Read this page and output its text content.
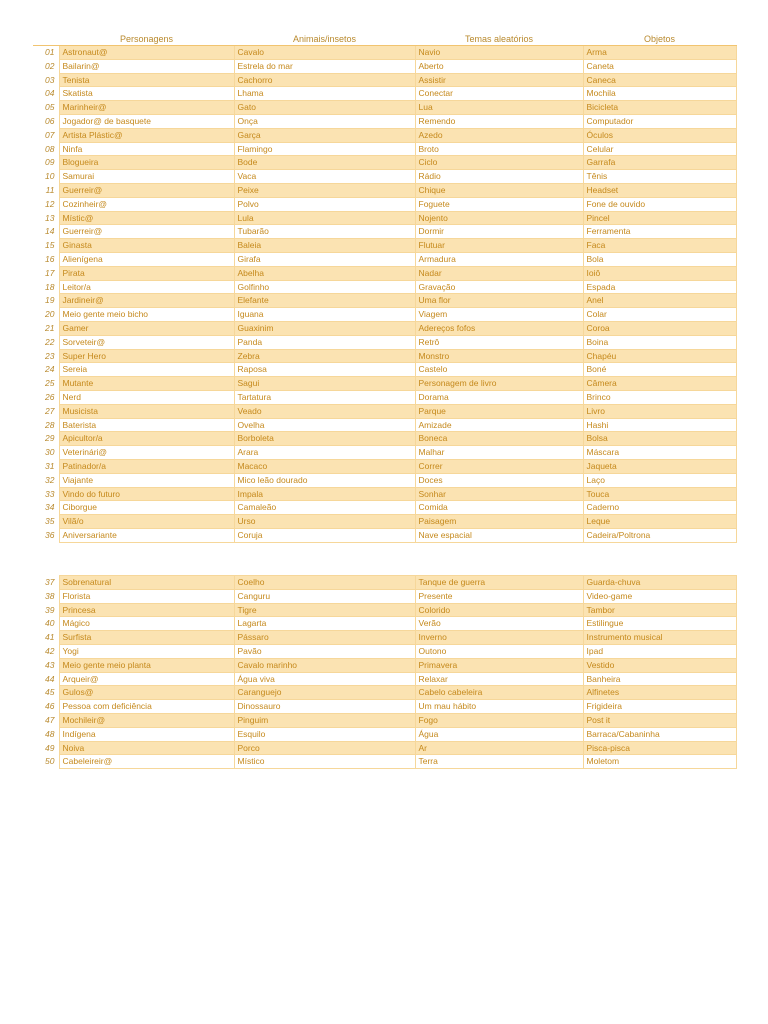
	Personagens	Animais/insetos	Temas aleatórios	Objetos
01	Astronaut@	Cavalo	Navio	Arma
02	Bailarin@	Estrela do mar	Aberto	Caneta
03	Tenista	Cachorro	Assistir	Caneca
04	Skatista	Lhama	Conectar	Mochila
05	Marinheir@	Gato	Lua	Bicicleta
06	Jogador@ de basquete	Onça	Remendo	Computador
07	Artista Plástic@	Garça	Azedo	Óculos
08	Ninfa	Flamingo	Broto	Celular
09	Blogueira	Bode	Ciclo	Garrafa
10	Samurai	Vaca	Rádio	Tênis
11	Guerreir@	Peixe	Chique	Headset
12	Cozinheir@	Polvo	Foguete	Fone de ouvido
13	Místic@	Lula	Nojento	Pincel
14	Guerreir@	Tubarão	Dormir	Ferramenta
15	Ginasta	Baleia	Flutuar	Faca
16	Alienígena	Girafa	Armadura	Bola
17	Pirata	Abelha	Nadar	Ioiô
18	Leitor/a	Golfinho	Gravação	Espada
19	Jardineir@	Elefante	Uma flor	Anel
20	Meio gente meio bicho	Iguana	Viagem	Colar
21	Gamer	Guaxinim	Adereços fofos	Coroa
22	Sorveteir@	Panda	Retrô	Boina
23	Super Hero	Zebra	Monstro	Chapéu
24	Sereia	Raposa	Castelo	Boné
25	Mutante	Sagui	Personagem de livro	Câmera
26	Nerd	Tartatura	Dorama	Brinco
27	Musicista	Veado	Parque	Livro
28	Baterista	Ovelha	Amizade	Hashi
29	Apicultor/a	Borboleta	Boneca	Bolsa
30	Veterinári@	Arara	Malhar	Máscara
31	Patinador/a	Macaco	Correr	Jaqueta
32	Viajante	Mico leão dourado	Doces	Laço
33	Vindo do futuro	Impala	Sonhar	Touca
34	Ciborgue	Camaleão	Comida	Caderno
35	Vilã/o	Urso	Paisagem	Leque
36	Aniversariante	Coruja	Nave espacial	Cadeira/Poltrona
37	Sobrenatural	Coelho	Tanque de guerra	Guarda-chuva
38	Florista	Canguru	Presente	Video-game
39	Princesa	Tigre	Colorido	Tambor
40	Mágico	Lagarta	Verão	Estilingue
41	Surfista	Pássaro	Inverno	Instrumento musical
42	Yogi	Pavão	Outono	Ipad
43	Meio gente meio planta	Cavalo marinho	Primavera	Vestido
44	Arqueir@	Água viva	Relaxar	Banheira
45	Gulos@	Caranguejo	Cabelo cabeleira	Alfinetes
46	Pessoa com deficiência	Dinossauro	Um mau hábito	Frigideira
47	Mochileir@	Pinguim	Fogo	Post it
48	Indígena	Esquilo	Água	Barraca/Cabaninha
49	Noiva	Porco	Ar	Pisca-pisca
50	Cabeleireir@	Místico	Terra	Moletom
